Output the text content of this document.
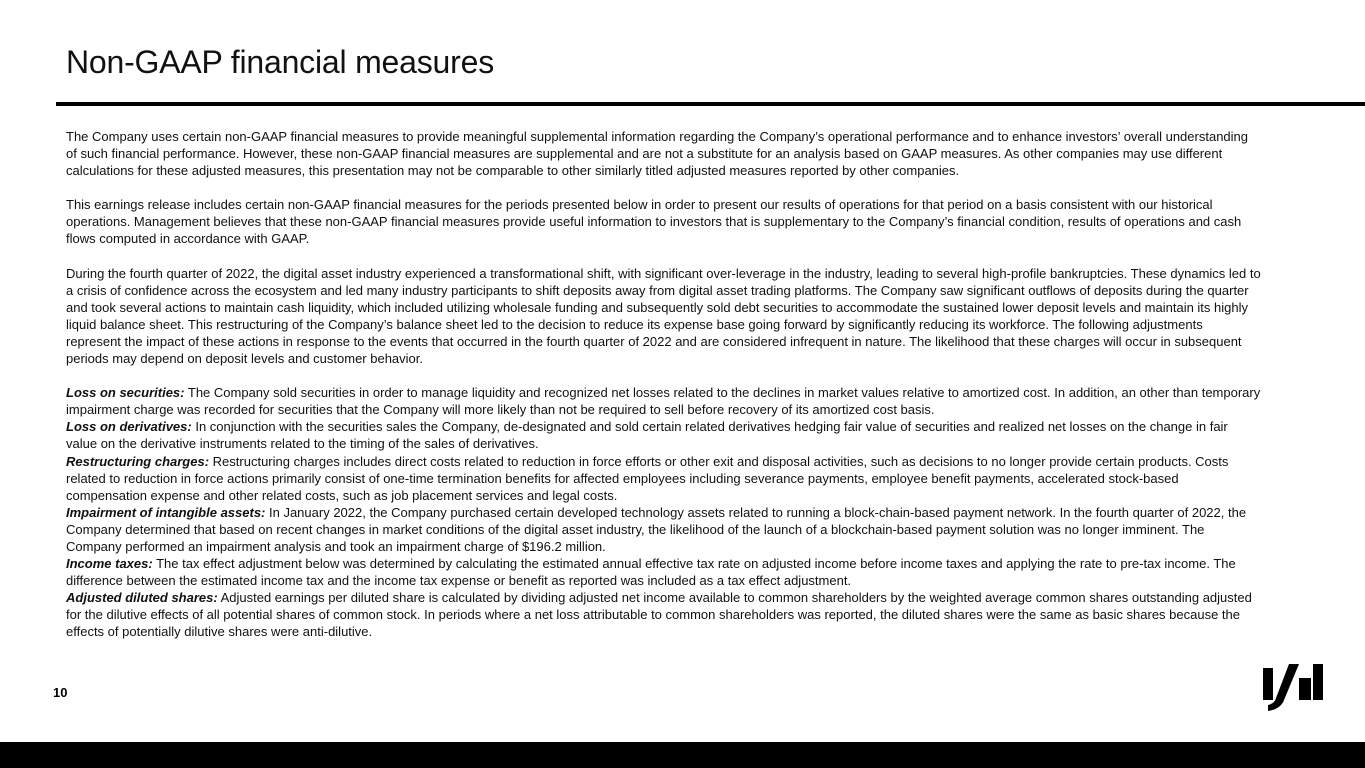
Non-GAAP financial measures

The Company uses certain non-GAAP financial measures to provide meaningful supplemental information regarding the Company’s operational performance and to enhance investors’ overall understanding of such financial performance. However, these non-GAAP financial measures are supplemental and are not a substitute for an analysis based on GAAP measures. As other companies may use different calculations for these adjusted measures, this presentation may not be comparable to other similarly titled adjusted measures reported by other companies.

This earnings release includes certain non-GAAP financial measures for the periods presented below in order to present our results of operations for that period on a basis consistent with our historical operations. Management believes that these non-GAAP financial measures provide useful information to investors that is supplementary to the Company’s financial condition, results of operations and cash flows computed in accordance with GAAP.

During the fourth quarter of 2022, the digital asset industry experienced a transformational shift, with significant over-leverage in the industry, leading to several high-profile bankruptcies. These dynamics led to a crisis of confidence across the ecosystem and led many industry participants to shift deposits away from digital asset trading platforms. The Company saw significant outflows of deposits during the quarter and took several actions to maintain cash liquidity, which included utilizing wholesale funding and subsequently sold debt securities to accommodate the sustained lower deposit levels and maintain its highly liquid balance sheet. This restructuring of the Company’s balance sheet led to the decision to reduce its expense base going forward by significantly reducing its workforce. The following adjustments represent the impact of these actions in response to the events that occurred in the fourth quarter of 2022 and are considered infrequent in nature. The likelihood that these charges will occur in subsequent periods may depend on deposit levels and customer behavior.

Loss on securities: The Company sold securities in order to manage liquidity and recognized net losses related to the declines in market values relative to amortized cost. In addition, an other than temporary impairment charge was recorded for securities that the Company will more likely than not be required to sell before recovery of its amortized cost basis.
Loss on derivatives: In conjunction with the securities sales the Company, de-designated and sold certain related derivatives hedging fair value of securities and realized net losses on the change in fair value on the derivative instruments related to the timing of the sales of derivatives.
Restructuring charges: Restructuring charges includes direct costs related to reduction in force efforts or other exit and disposal activities, such as decisions to no longer provide certain products. Costs related to reduction in force actions primarily consist of one-time termination benefits for affected employees including severance payments, employee benefit payments, accelerated stock-based compensation expense and other related costs, such as job placement services and legal costs.
Impairment of intangible assets: In January 2022, the Company purchased certain developed technology assets related to running a block-chain-based payment network. In the fourth quarter of 2022, the Company determined that based on recent changes in market conditions of the digital asset industry, the likelihood of the launch of a blockchain-based payment solution was no longer imminent. The Company performed an impairment analysis and took an impairment charge of $196.2 million.
Income taxes: The tax effect adjustment below was determined by calculating the estimated annual effective tax rate on adjusted income before income taxes and applying the rate to pre-tax income. The difference between the estimated income tax and the income tax expense or benefit as reported was included as a tax effect adjustment.
Adjusted diluted shares: Adjusted earnings per diluted share is calculated by dividing adjusted net income available to common shareholders by the weighted average common shares outstanding adjusted for the dilutive effects of all potential shares of common stock. In periods where a net loss attributable to common shareholders was reported, the diluted shares were the same as basic shares because the effects of potentially dilutive shares were anti-dilutive.
10
